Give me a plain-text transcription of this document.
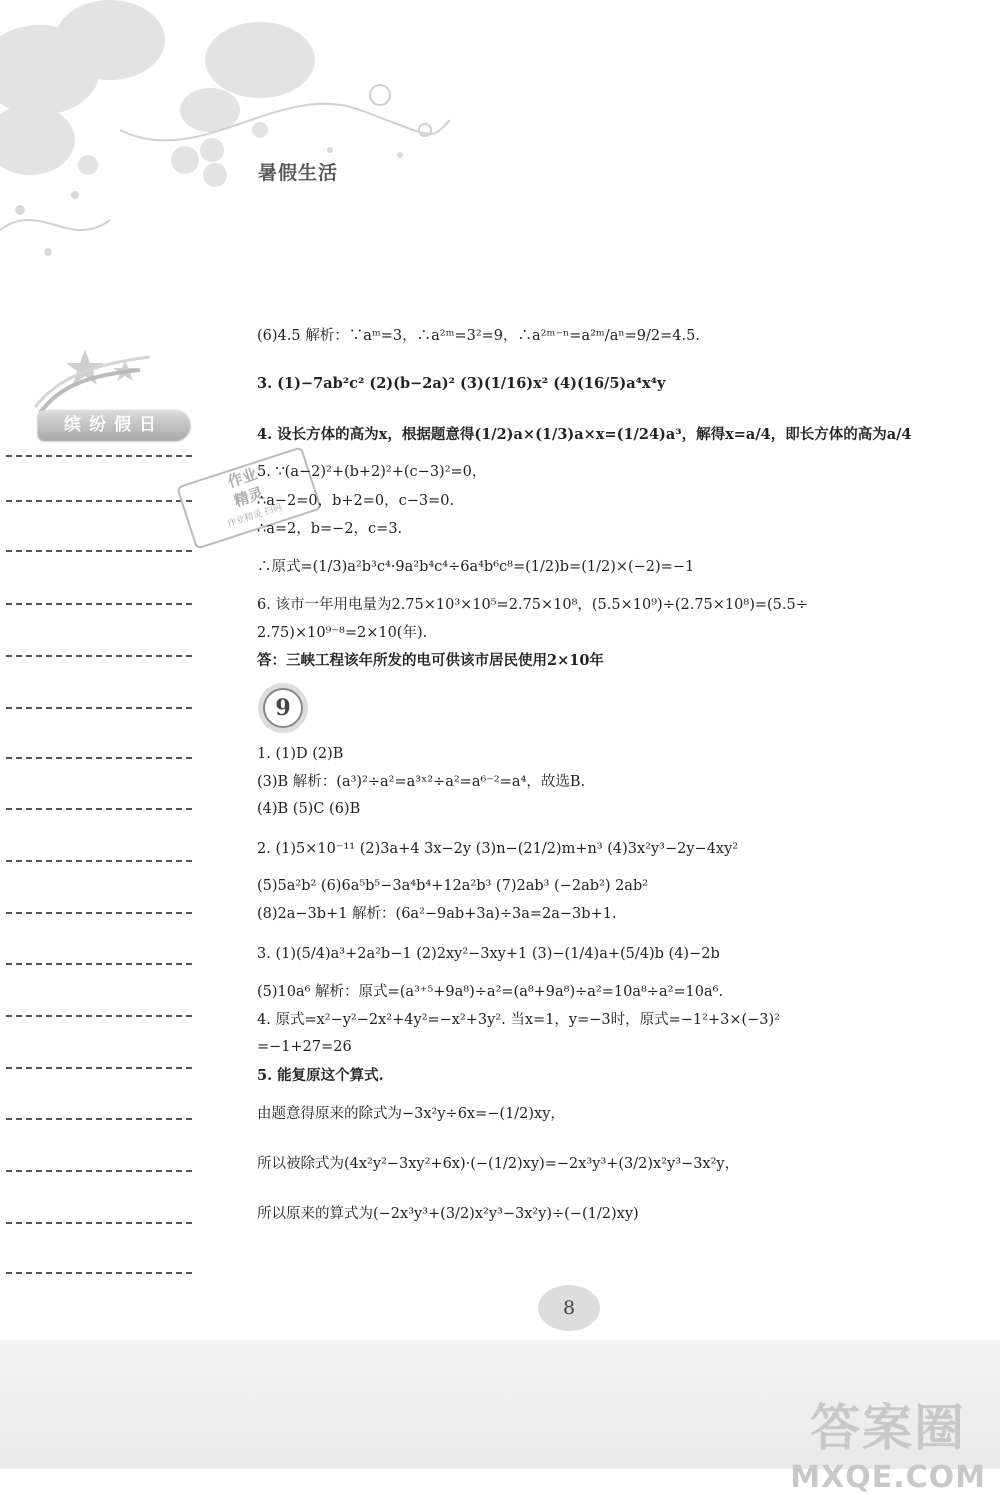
暑假生活
缤纷假日
作业
精灵
作业精灵 扫码
(6)4.5 解析：∵aᵐ=3，∴a²ᵐ=3²=9，∴a²ᵐ⁻ⁿ=a²ᵐ/aⁿ=9/2=4.5.
3. (1)−7ab²c² (2)(b−2a)² (3)(1/16)x² (4)(16/5)a⁴x⁴y
4. 设长方体的高为x，根据题意得(1/2)a×(1/3)a×x=(1/24)a³，解得x=a/4，即长方体的高为a/4
5. ∵(a−2)²+(b+2)²+(c−3)²=0，
∴a−2=0，b+2=0，c−3=0.
∴a=2，b=−2，c=3.
∴原式=(1/3)a²b³c⁴·9a²b⁴c⁴÷6a⁴b⁶c⁸=(1/2)b=(1/2)×(−2)=−1
6. 该市一年用电量为2.75×10³×10⁵=2.75×10⁸，(5.5×10⁹)÷(2.75×10⁸)=(5.5÷
2.75)×10⁹⁻⁸=2×10(年).
答：三峡工程该年所发的电可供该市居民使用2×10年
9
1. (1)D (2)B
(3)B 解析：(a³)²÷a²=a³ˣ²÷a²=a⁶⁻²=a⁴，故选B.
(4)B (5)C (6)B
2. (1)5×10⁻¹¹ (2)3a+4 3x−2y (3)n−(21/2)m+n³ (4)3x²y³−2y−4xy²
(5)5a²b² (6)6a⁵b⁵−3a⁴b⁴+12a²b³ (7)2ab³ (−2ab²) 2ab²
(8)2a−3b+1 解析：(6a²−9ab+3a)÷3a=2a−3b+1.
3. (1)(5/4)a³+2a²b−1 (2)2xy²−3xy+1 (3)−(1/4)a+(5/4)b (4)−2b
(5)10a⁶ 解析：原式=(a³⁺⁵+9a⁸)÷a²=(a⁸+9a⁸)÷a²=10a⁸÷a²=10a⁶.
4. 原式=x²−y²−2x²+4y²=−x²+3y². 当x=1，y=−3时，原式=−1²+3×(−3)²
=−1+27=26
5. 能复原这个算式.
由题意得原来的除式为−3x²y÷6x=−(1/2)xy，
所以被除式为(4x²y²−3xy²+6x)·(−(1/2)xy)=−2x³y³+(3/2)x²y³−3x²y，
所以原来的算式为(−2x³y³+(3/2)x²y³−3x²y)÷(−(1/2)xy)
8
答案圈
MXQE.COM
